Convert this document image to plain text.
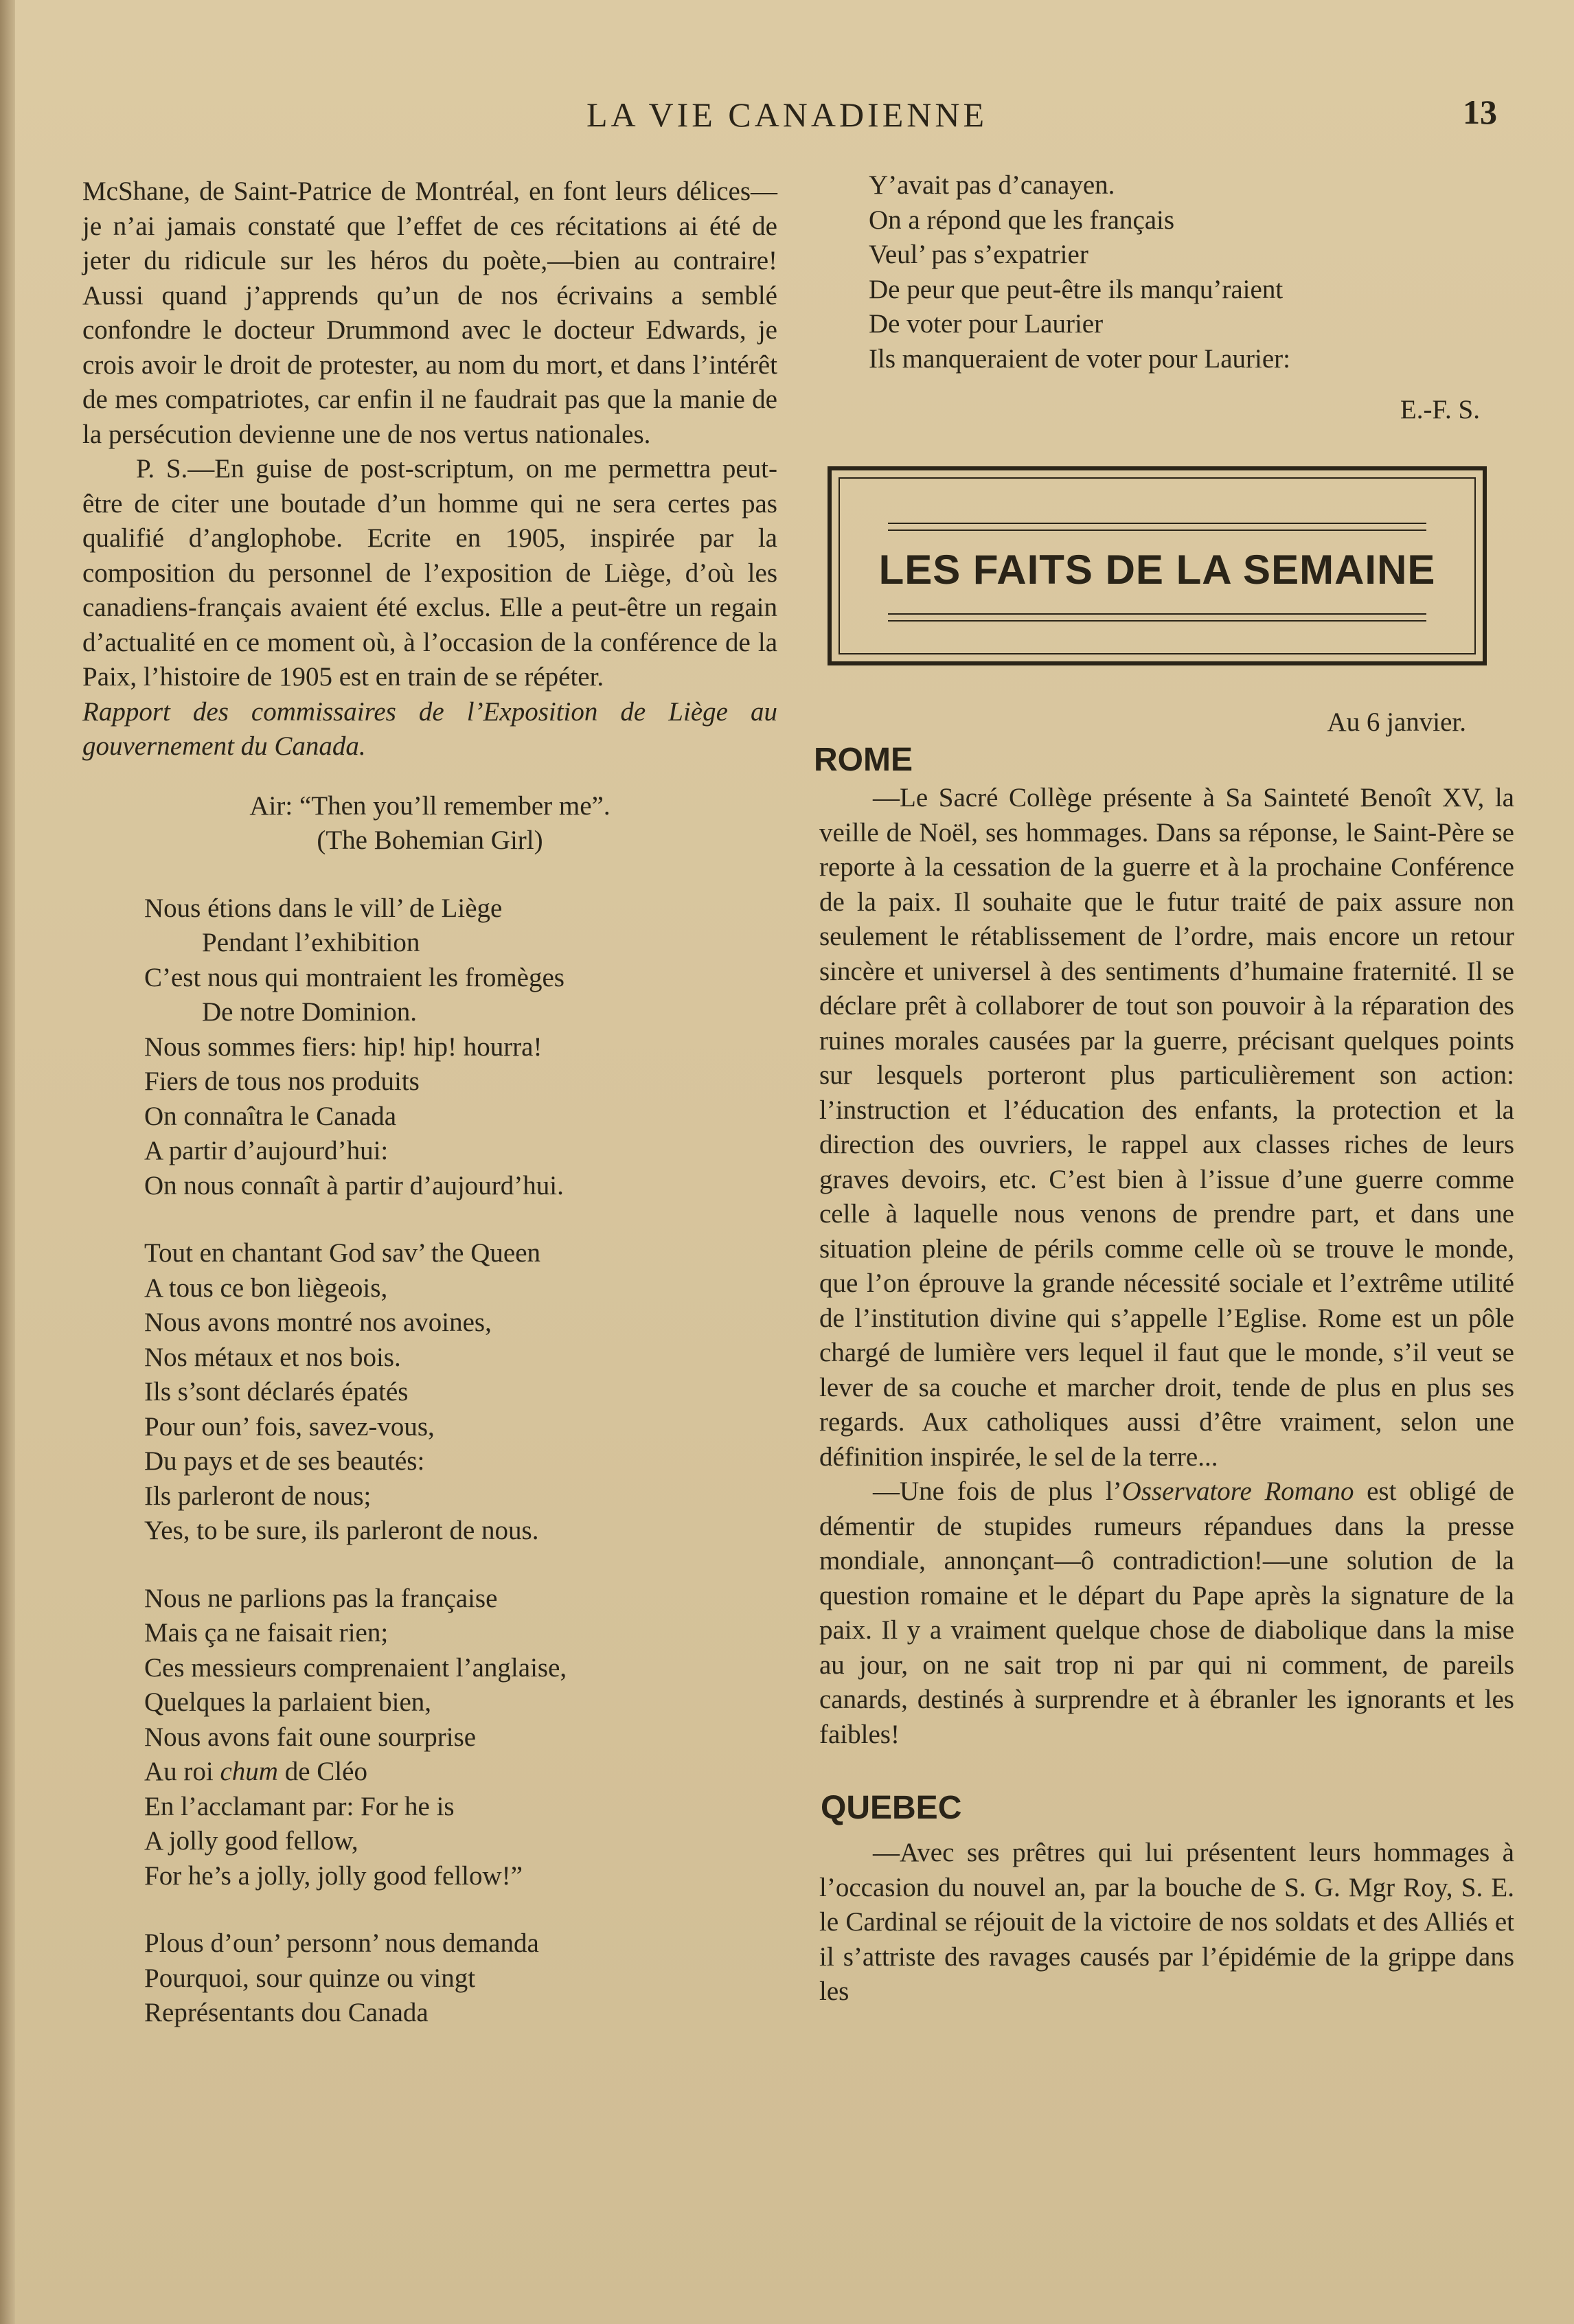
LA VIE CANADIENNE	13

McShane, de Saint-Patrice de Montréal, en font leurs délices—je n’ai jamais constaté que l’effet de ces récitations ai été de jeter du ridicule sur les héros du poète,—bien au contraire! Aussi quand j’apprends qu’un de nos écrivains a semblé confondre le docteur Drummond avec le docteur Edwards, je crois avoir le droit de protester, au nom du mort, et dans l’intérêt de mes compatriotes, car enfin il ne faudrait pas que la manie de la persécution devienne une de nos vertus nationales.

P. S.—En guise de post-scriptum, on me permettra peut-être de citer une boutade d’un homme qui ne sera certes pas qualifié d’anglophobe. Ecrite en 1905, inspirée par la composition du personnel de l’exposition de Liège, d’où les canadiens-français avaient été exclus. Elle a peut-être un regain d’actualité en ce moment où, à l’occasion de la conférence de la Paix, l’histoire de 1905 est en train de se répéter.

Rapport des commissaires de l’Exposition de Liège au gouvernement du Canada.

Air: “Then you’ll remember me”.
(The Bohemian Girl)
Nous étions dans le vill’ de Liège
Pendant l’exhibition
C’est nous qui montraient les fromèges
De notre Dominion.
Nous sommes fiers: hip! hip! hourra!
Fiers de tous nos produits
On connaîtra le Canada
A partir d’aujourd’hui:
On nous connaît à partir d’aujourd’hui.
Tout en chantant God sav’ the Queen
A tous ce bon liègeois,
Nous avons montré nos avoines,
Nos métaux et nos bois.
Ils s’sont déclarés épatés
Pour oun’ fois, savez-vous,
Du pays et de ses beautés:
Ils parleront de nous;
Yes, to be sure, ils parleront de nous.
Nous ne parlions pas la française
Mais ça ne faisait rien;
Ces messieurs comprenaient l’anglaise,
Quelques la parlaient bien,
Nous avons fait oune sourprise
Au roi chum de Cléo
En l’acclamant par: For he is
A jolly good fellow,
For he’s a jolly, jolly good fellow!”
Plous d’oun’ personn’ nous demanda
Pourquoi, sour quinze ou vingt
Représentants dou Canada
Y’avait pas d’canayen.
On a répond que les français
Veul’ pas s’expatrier
De peur que peut-être ils manqu’raient
De voter pour Laurier
Ils manqueraient de voter pour Laurier:
E.-F. S.
LES FAITS DE LA SEMAINE
Au 6 janvier.
ROME

—Le Sacré Collège présente à Sa Sainteté Benoît XV, la veille de Noël, ses hommages. Dans sa réponse, le Saint-Père se reporte à la cessation de la guerre et à la prochaine Conférence de la paix. Il souhaite que le futur traité de paix assure non seulement le rétablissement de l’ordre, mais encore un retour sincère et universel à des sentiments d’humaine fraternité. Il se déclare prêt à collaborer de tout son pouvoir à la réparation des ruines morales causées par la guerre, précisant quelques points sur lesquels porteront plus particulièrement son action: l’instruction et l’éducation des enfants, la protection et la direction des ouvriers, le rappel aux classes riches de leurs graves devoirs, etc. C’est bien à l’issue d’une guerre comme celle à laquelle nous venons de prendre part, et dans une situation pleine de périls comme celle où se trouve le monde, que l’on éprouve la grande nécessité sociale et l’extrême utilité de l’institution divine qui s’appelle l’Eglise. Rome est un pôle chargé de lumière vers lequel il faut que le monde, s’il veut se lever de sa couche et marcher droit, tende de plus en plus ses regards. Aux catholiques aussi d’être vraiment, selon une définition inspirée, le sel de la terre...

—Une fois de plus l’Osservatore Romano est obligé de démentir de stupides rumeurs répandues dans la presse mondiale, annonçant—ô contradiction!—une solution de la question romaine et le départ du Pape après la signature de la paix. Il y a vraiment quelque chose de diabolique dans la mise au jour, on ne sait trop ni par qui ni comment, de pareils canards, destinés à surprendre et à ébranler les ignorants et les faibles!

QUEBEC

—Avec ses prêtres qui lui présentent leurs hommages à l’occasion du nouvel an, par la bouche de S. G. Mgr Roy, S. E. le Cardinal se réjouit de la victoire de nos soldats et des Alliés et il s’attriste des ravages causés par l’épidémie de la grippe dans les
